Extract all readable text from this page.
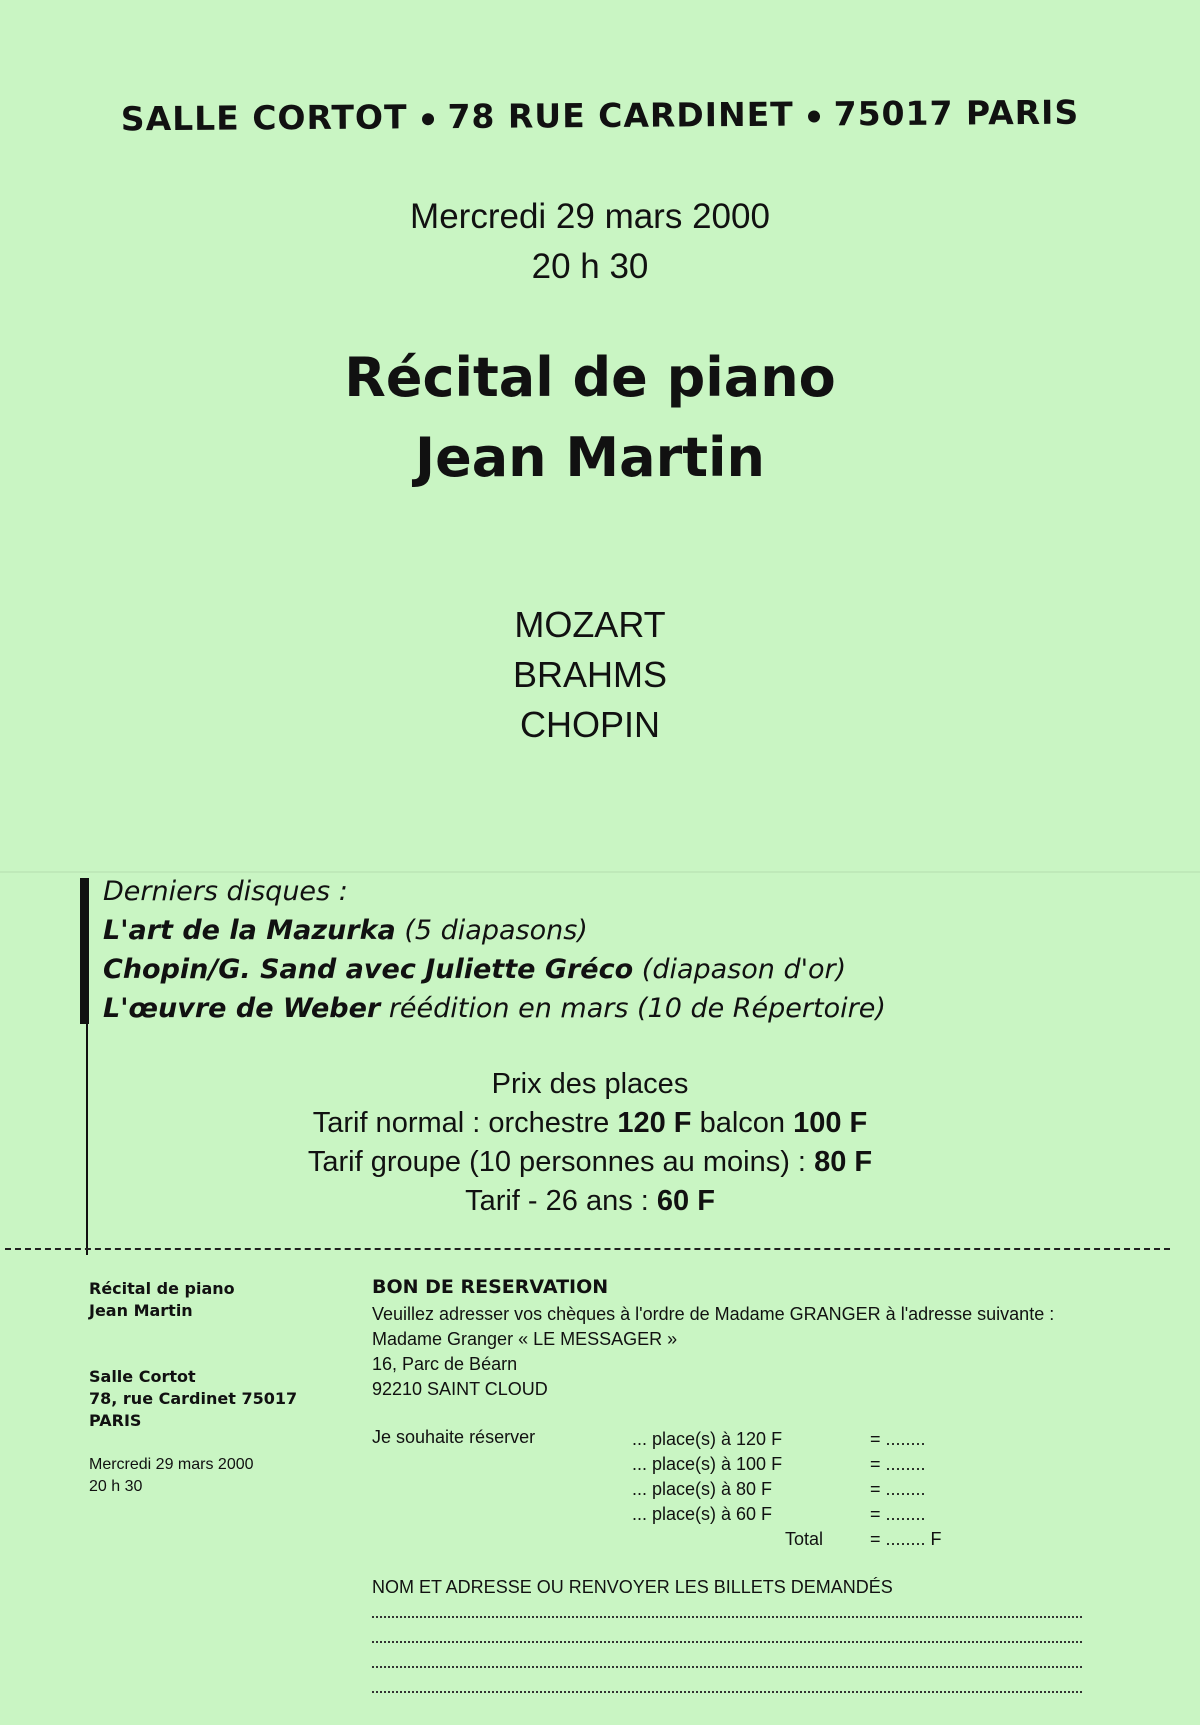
SALLE CORTOT 78 RUE CARDINET 75017 PARIS
Mercredi 29 mars 2000
20 h 30
Récital de piano
Jean Martin
MOZART
BRAHMS
CHOPIN
Derniers disques :
L'art de la Mazurka (5 diapasons)
Chopin/G. Sand avec Juliette Gréco (diapason d'or)
L'œuvre de Weber réédition en mars (10 de Répertoire)
Prix des places
Tarif normal : orchestre 120 F balcon 100 F
Tarif groupe (10 personnes au moins) : 80 F
Tarif - 26 ans : 60 F
Récital de piano
Jean Martin
Salle Cortot
78, rue Cardinet 75017
PARIS
Mercredi 29 mars 2000
20 h 30
BON DE RESERVATION
Veuillez adresser vos chèques à l'ordre de Madame GRANGER à l'adresse suivante :
Madame Granger « LE MESSAGER »
16, Parc de Béarn
92210 SAINT CLOUD
Je souhaite réserver	... place(s) à 120 F	= ........
... place(s) à 100 F	= ........
... place(s) à 80 F	= ........
... place(s) à 60 F	= ........
Total	= ........ F
NOM ET ADRESSE OU RENVOYER LES BILLETS DEMANDÉS
